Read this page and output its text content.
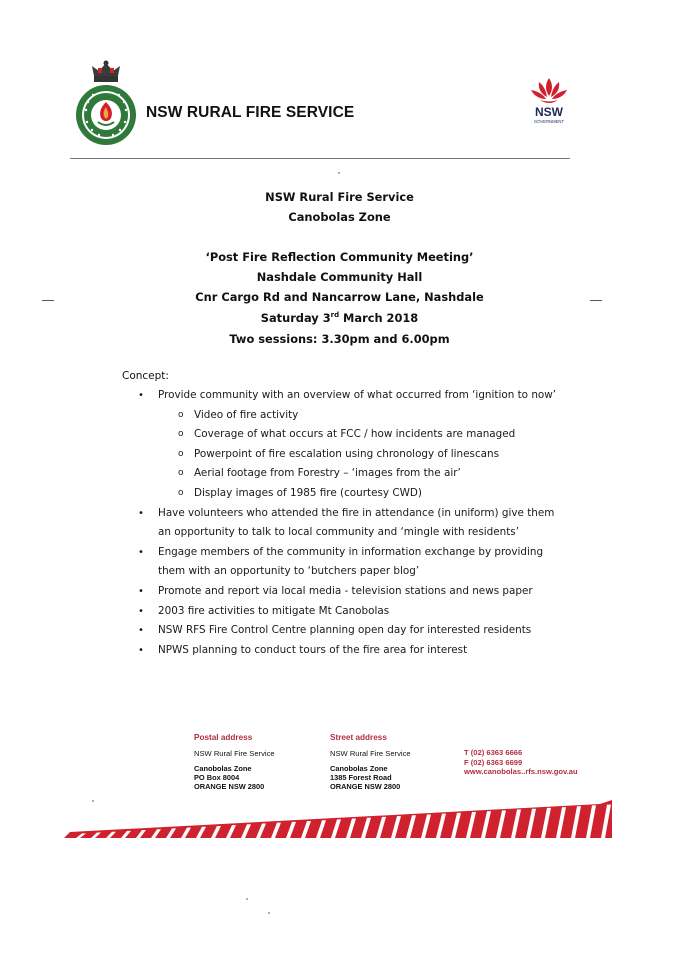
NSW RURAL FIRE SERVICE	NSW
GOVERNMENT
NSW Rural Fire Service
Canobolas Zone
‘Post Fire Reflection Community Meeting’
Nashdale Community Hall
Cnr Cargo Rd and Nancarrow Lane, Nashdale
Saturday 3rd March 2018
Two sessions: 3.30pm and 6.00pm
Concept:
• Provide community with an overview of what occurred from ‘ignition to now’
o Video of fire activity
o Coverage of what occurs at FCC / how incidents are managed
o Powerpoint of fire escalation using chronology of linescans
o Aerial footage from Forestry – ‘images from the air’
o Display images of 1985 fire (courtesy CWD)
• Have volunteers who attended the fire in attendance (in uniform) give them an opportunity to talk to local community and ‘mingle with residents’
• Engage members of the community in information exchange by providing them with an opportunity to ‘butchers paper blog’
• Promote and report via local media - television stations and news paper
• 2003 fire activities to mitigate Mt Canobolas
• NSW RFS Fire Control Centre planning open day for interested residents
• NPWS planning to conduct tours of the fire area for interest
Postal address
NSW Rural Fire Service
Canobolas Zone
PO Box 8004
ORANGE NSW 2800
Street address
NSW Rural Fire Service
Canobolas Zone
1385 Forest Road
ORANGE NSW 2800
T (02) 6363 6666
F (02) 6363 6699
www.canobolas..rfs.nsw.gov.au
